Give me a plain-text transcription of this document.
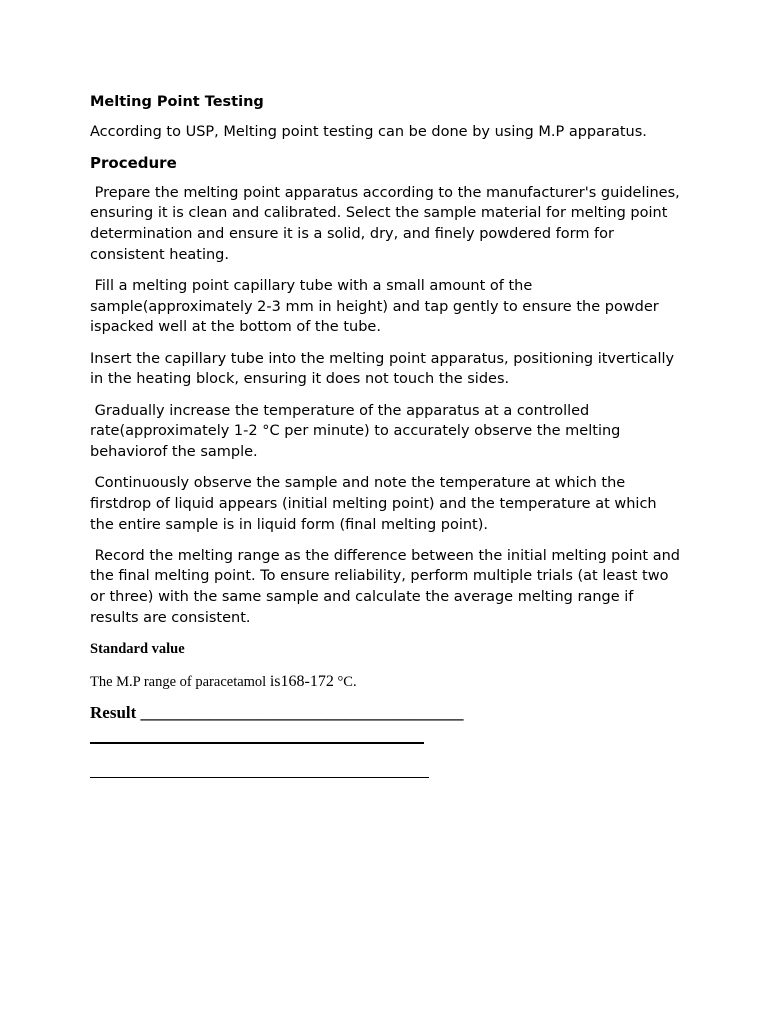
Melting Point Testing
According to USP, Melting point testing can be done by using M.P apparatus.
Procedure
Prepare the melting point apparatus according to the manufacturer's guidelines, ensuring it is clean and calibrated. Select the sample material for melting point determination and ensure it is a solid, dry, and finely powdered form for consistent heating.
Fill a melting point capillary tube with a small amount of the sample(approximately 2-3 mm in height) and tap gently to ensure the powder ispacked well at the bottom of the tube.
Insert the capillary tube into the melting point apparatus, positioning itvertically in the heating block, ensuring it does not touch the sides.
Gradually increase the temperature of the apparatus at a controlled rate(approximately 1-2 °C per minute) to accurately observe the melting behaviorof the sample.
Continuously observe the sample and note the temperature at which the firstdrop of liquid appears (initial melting point) and the temperature at which the entire sample is in liquid form (final melting point).
Record the melting range as the difference between the initial melting point and the final melting point. To ensure reliability, perform multiple trials (at least two or three) with the same sample and calculate the average melting range if results are consistent.
Standard value
The M.P range of paracetamol is168-172 °C.
Result ______________________________________
